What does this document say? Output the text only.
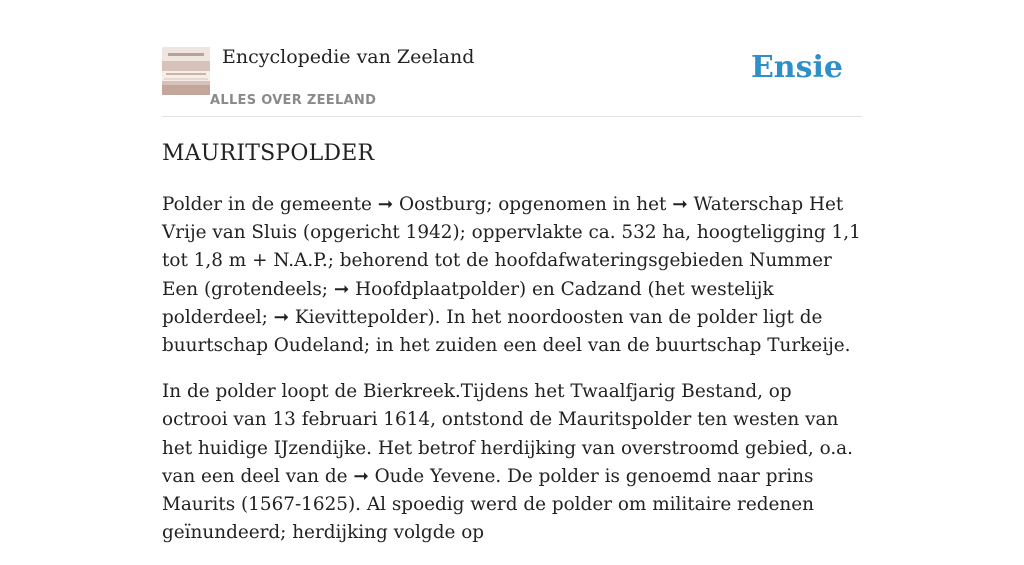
Encyclopedie van Zeeland
ALLES OVER ZEELAND
Ensie
MAURITSPOLDER

Polder in de gemeente ➞ Oostburg; opgenomen in het ➞ Waterschap Het Vrije van Sluis (opgericht 1942); oppervlakte ca. 532 ha, hoogteligging 1,1 tot 1,8 m + N.A.P.; behorend tot de hoofdafwateringsgebieden Nummer Een (grotendeels; ➞ Hoofdplaatpolder) en Cadzand (het westelijk polderdeel; ➞ Kievittepolder). In het noordoosten van de polder ligt de buurtschap Oudeland; in het zuiden een deel van de buurtschap Turkeije.

In de polder loopt de Bierkreek.Tijdens het Twaalfjarig Bestand, op octrooi van 13 februari 1614, ontstond de Mauritspolder ten westen van het huidige IJzendijke. Het betrof herdijking van overstroomd gebied, o.a. van een deel van de ➞ Oude Yevene. De polder is genoemd naar prins Maurits (1567-1625). Al spoedig werd de polder om militaire redenen geïnundeerd; herdijking volgde op
